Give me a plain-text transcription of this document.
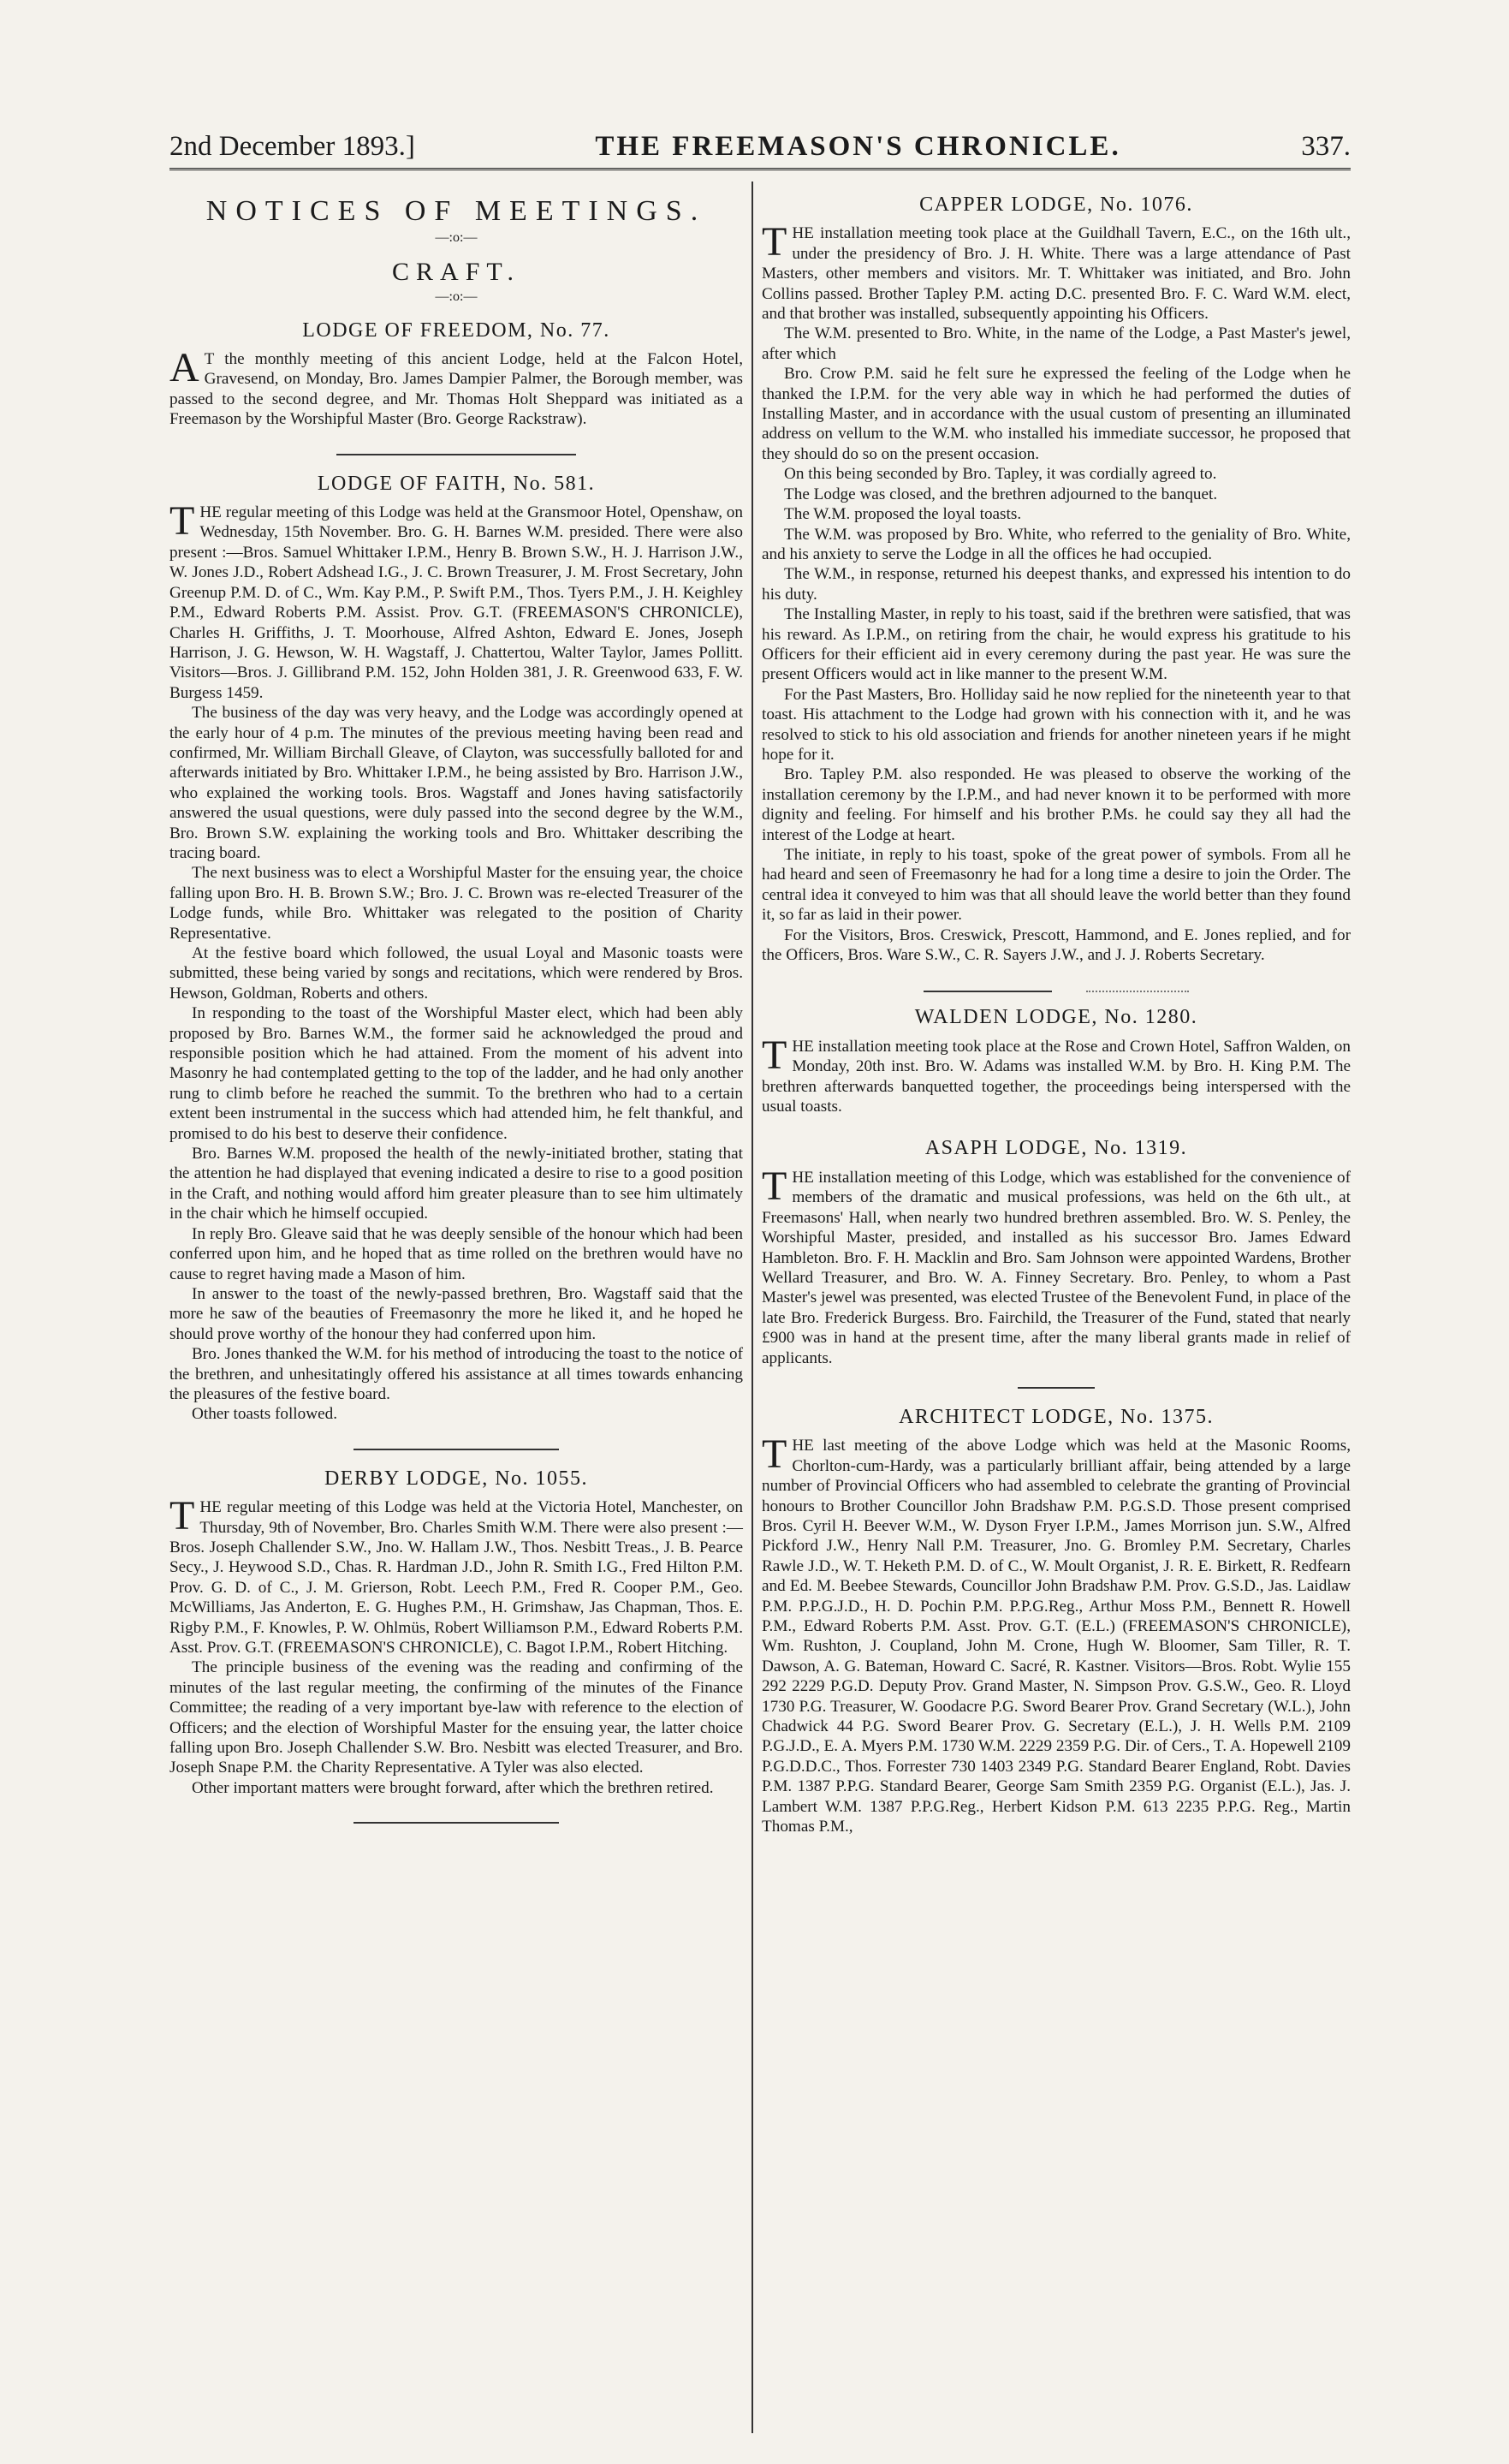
2nd December 1893.]	THE FREEMASON'S CHRONICLE.	337.
NOTICES OF MEETINGS.
—:o:—
CRAFT.
—:o:—
LODGE OF FREEDOM, No. 77.

A T the monthly meeting of this ancient Lodge, held at the Falcon Hotel, Gravesend, on Monday, Bro. James Dampier Palmer, the Borough member, was passed to the second degree, and Mr. Thomas Holt Sheppard was initiated as a Freemason by the Worshipful Master (Bro. George Rackstraw).

LODGE OF FAITH, No. 581.

THE regular meeting of this Lodge was held at the Gransmoor Hotel, Openshaw, on Wednesday, 15th November. Bro. G. H. Barnes W.M. presided. There were also present :—Bros. Samuel Whittaker I.P.M., Henry B. Brown S.W., H. J. Harrison J.W., W. Jones J.D., Robert Adshead I.G., J. C. Brown Treasurer, J. M. Frost Secretary, John Greenup P.M. D. of C., Wm. Kay P.M., P. Swift P.M., Thos. Tyers P.M., J. H. Keighley P.M., Edward Roberts P.M. Assist. Prov. G.T. (FREEMASON'S CHRONICLE), Charles H. Griffiths, J. T. Moorhouse, Alfred Ashton, Edward E. Jones, Joseph Harrison, J. G. Hewson, W. H. Wagstaff, J. Chattertou, Walter Taylor, James Pollitt. Visitors—Bros. J. Gillibrand P.M. 152, John Holden 381, J. R. Greenwood 633, F. W. Burgess 1459.

The business of the day was very heavy, and the Lodge was accordingly opened at the early hour of 4 p.m. The minutes of the previous meeting having been read and confirmed, Mr. William Birchall Gleave, of Clayton, was successfully balloted for and afterwards initiated by Bro. Whittaker I.P.M., he being assisted by Bro. Harrison J.W., who explained the working tools. Bros. Wagstaff and Jones having satisfactorily answered the usual questions, were duly passed into the second degree by the W.M., Bro. Brown S.W. explaining the working tools and Bro. Whittaker describing the tracing board.

The next business was to elect a Worshipful Master for the ensuing year, the choice falling upon Bro. H. B. Brown S.W.; Bro. J. C. Brown was re-elected Treasurer of the Lodge funds, while Bro. Whittaker was relegated to the position of Charity Representative.

At the festive board which followed, the usual Loyal and Masonic toasts were submitted, these being varied by songs and recitations, which were rendered by Bros. Hewson, Goldman, Roberts and others.

In responding to the toast of the Worshipful Master elect, which had been ably proposed by Bro. Barnes W.M., the former said he acknowledged the proud and responsible position which he had attained. From the moment of his advent into Masonry he had contemplated getting to the top of the ladder, and he had only another rung to climb before he reached the summit. To the brethren who had to a certain extent been instrumental in the success which had attended him, he felt thankful, and promised to do his best to deserve their confidence.

Bro. Barnes W.M. proposed the health of the newly-initiated brother, stating that the attention he had displayed that evening indicated a desire to rise to a good position in the Craft, and nothing would afford him greater pleasure than to see him ultimately in the chair which he himself occupied.

In reply Bro. Gleave said that he was deeply sensible of the honour which had been conferred upon him, and he hoped that as time rolled on the brethren would have no cause to regret having made a Mason of him.

In answer to the toast of the newly-passed brethren, Bro. Wagstaff said that the more he saw of the beauties of Freemasonry the more he liked it, and he hoped he should prove worthy of the honour they had conferred upon him.

Bro. Jones thanked the W.M. for his method of introducing the toast to the notice of the brethren, and unhesitatingly offered his assistance at all times towards enhancing the pleasures of the festive board.

Other toasts followed.

DERBY LODGE, No. 1055.

THE regular meeting of this Lodge was held at the Victoria Hotel, Manchester, on Thursday, 9th of November, Bro. Charles Smith W.M. There were also present :—Bros. Joseph Challender S.W., Jno. W. Hallam J.W., Thos. Nesbitt Treas., J. B. Pearce Secy., J. Heywood S.D., Chas. R. Hardman J.D., John R. Smith I.G., Fred Hilton P.M. Prov. G. D. of C., J. M. Grierson, Robt. Leech P.M., Fred R. Cooper P.M., Geo. McWilliams, Jas Anderton, E. G. Hughes P.M., H. Grimshaw, Jas Chapman, Thos. E. Rigby P.M., F. Knowles, P. W. Ohlmüs, Robert Williamson P.M., Edward Roberts P.M. Asst. Prov. G.T. (FREEMASON'S CHRONICLE), C. Bagot I.P.M., Robert Hitching.

The principle business of the evening was the reading and confirming of the minutes of the last regular meeting, the confirming of the minutes of the Finance Committee; the reading of a very important bye-law with reference to the election of Officers; and the election of Worshipful Master for the ensuing year, the latter choice falling upon Bro. Joseph Challender S.W. Bro. Nesbitt was elected Treasurer, and Bro. Joseph Snape P.M. the Charity Representative. A Tyler was also elected.

Other important matters were brought forward, after which the brethren retired.

CAPPER LODGE, No. 1076.

THE installation meeting took place at the Guildhall Tavern, E.C., on the 16th ult., under the presidency of Bro. J. H. White. There was a large attendance of Past Masters, other members and visitors. Mr. T. Whittaker was initiated, and Bro. John Collins passed. Brother Tapley P.M. acting D.C. presented Bro. F. C. Ward W.M. elect, and that brother was installed, subsequently appointing his Officers.

The W.M. presented to Bro. White, in the name of the Lodge, a Past Master's jewel, after which

Bro. Crow P.M. said he felt sure he expressed the feeling of the Lodge when he thanked the I.P.M. for the very able way in which he had performed the duties of Installing Master, and in accordance with the usual custom of presenting an illuminated address on vellum to the W.M. who installed his immediate successor, he proposed that they should do so on the present occasion.

On this being seconded by Bro. Tapley, it was cordially agreed to.

The Lodge was closed, and the brethren adjourned to the banquet.

The W.M. proposed the loyal toasts.

The W.M. was proposed by Bro. White, who referred to the geniality of Bro. White, and his anxiety to serve the Lodge in all the offices he had occupied.

The W.M., in response, returned his deepest thanks, and expressed his intention to do his duty.

The Installing Master, in reply to his toast, said if the brethren were satisfied, that was his reward. As I.P.M., on retiring from the chair, he would express his gratitude to his Officers for their efficient aid in every ceremony during the past year. He was sure the present Officers would act in like manner to the present W.M.

For the Past Masters, Bro. Holliday said he now replied for the nineteenth year to that toast. His attachment to the Lodge had grown with his connection with it, and he was resolved to stick to his old association and friends for another nineteen years if he might hope for it.

Bro. Tapley P.M. also responded. He was pleased to observe the working of the installation ceremony by the I.P.M., and had never known it to be performed with more dignity and feeling. For himself and his brother P.Ms. he could say they all had the interest of the Lodge at heart.

The initiate, in reply to his toast, spoke of the great power of symbols. From all he had heard and seen of Freemasonry he had for a long time a desire to join the Order. The central idea it conveyed to him was that all should leave the world better than they found it, so far as laid in their power.

For the Visitors, Bros. Creswick, Prescott, Hammond, and E. Jones replied, and for the Officers, Bros. Ware S.W., C. R. Sayers J.W., and J. J. Roberts Secretary.

WALDEN LODGE, No. 1280.

THE installation meeting took place at the Rose and Crown Hotel, Saffron Walden, on Monday, 20th inst. Bro. W. Adams was installed W.M. by Bro. H. King P.M. The brethren afterwards banquetted together, the proceedings being interspersed with the usual toasts.

ASAPH LODGE, No. 1319.

THE installation meeting of this Lodge, which was established for the convenience of members of the dramatic and musical professions, was held on the 6th ult., at Freemasons' Hall, when nearly two hundred brethren assembled. Bro. W. S. Penley, the Worshipful Master, presided, and installed as his successor Bro. James Edward Hambleton. Bro. F. H. Macklin and Bro. Sam Johnson were appointed Wardens, Brother Wellard Treasurer, and Bro. W. A. Finney Secretary. Bro. Penley, to whom a Past Master's jewel was presented, was elected Trustee of the Benevolent Fund, in place of the late Bro. Frederick Burgess. Bro. Fairchild, the Treasurer of the Fund, stated that nearly £900 was in hand at the present time, after the many liberal grants made in relief of applicants.

ARCHITECT LODGE, No. 1375.

THE last meeting of the above Lodge which was held at the Masonic Rooms, Chorlton-cum-Hardy, was a particularly brilliant affair, being attended by a large number of Provincial Officers who had assembled to celebrate the granting of Provincial honours to Brother Councillor John Bradshaw P.M. P.G.S.D. Those present comprised Bros. Cyril H. Beever W.M., W. Dyson Fryer I.P.M., James Morrison jun. S.W., Alfred Pickford J.W., Henry Nall P.M. Treasurer, Jno. G. Bromley P.M. Secretary, Charles Rawle J.D., W. T. Heketh P.M. D. of C., W. Moult Organist, J. R. E. Birkett, R. Redfearn and Ed. M. Beebee Stewards, Councillor John Bradshaw P.M. Prov. G.S.D., Jas. Laidlaw P.M. P.P.G.J.D., H. D. Pochin P.M. P.P.G.Reg., Arthur Moss P.M., Bennett R. Howell P.M., Edward Roberts P.M. Asst. Prov. G.T. (E.L.) (FREEMASON'S CHRONICLE), Wm. Rushton, J. Coupland, John M. Crone, Hugh W. Bloomer, Sam Tiller, R. T. Dawson, A. G. Bateman, Howard C. Sacré, R. Kastner. Visitors—Bros. Robt. Wylie 155 292 2229 P.G.D. Deputy Prov. Grand Master, N. Simpson Prov. G.S.W., Geo. R. Lloyd 1730 P.G. Treasurer, W. Goodacre P.G. Sword Bearer Prov. Grand Secretary (W.L.), John Chadwick 44 P.G. Sword Bearer Prov. G. Secretary (E.L.), J. H. Wells P.M. 2109 P.G.J.D., E. A. Myers P.M. 1730 W.M. 2229 2359 P.G. Dir. of Cers., T. A. Hopewell 2109 P.G.D.D.C., Thos. Forrester 730 1403 2349 P.G. Standard Bearer England, Robt. Davies P.M. 1387 P.P.G. Standard Bearer, George Sam Smith 2359 P.G. Organist (E.L.), Jas. J. Lambert W.M. 1387 P.P.G.Reg., Herbert Kidson P.M. 613 2235 P.P.G. Reg., Martin Thomas P.M.,
